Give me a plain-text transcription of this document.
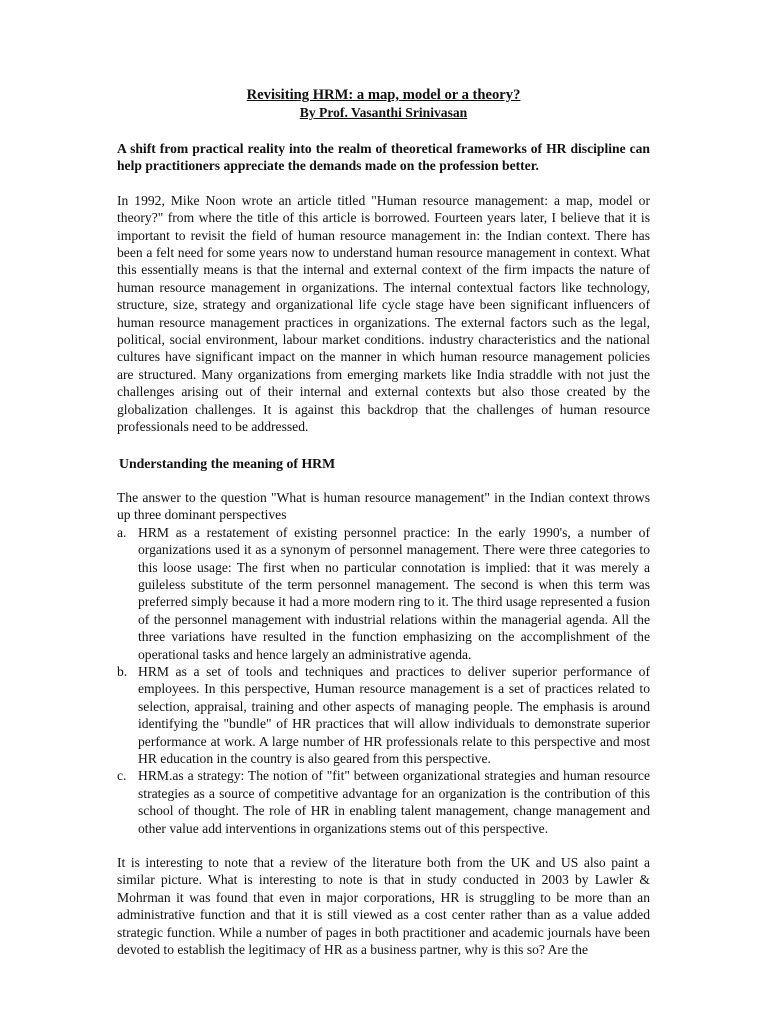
Revisiting HRM: a map, model or a theory?
By Prof. Vasanthi Srinivasan

A shift from practical reality into the realm of theoretical frameworks of HR discipline can help practitioners appreciate the demands made on the profession better.

In 1992, Mike Noon wrote an article titled "Human resource management: a map, model or theory?" from where the title of this article is borrowed. Fourteen years later, I believe that it is important to revisit the field of human resource management in: the Indian context. There has been a felt need for some years now to understand human resource management in context. What this essentially means is that the internal and external context of the firm impacts the nature of human resource management in organizations. The internal contextual factors like technology, structure, size, strategy and organizational life cycle stage have been significant influencers of human resource management practices in organizations. The external factors such as the legal, political, social environment, labour market conditions. industry characteristics and the national cultures have significant impact on the manner in which human resource management policies are structured. Many organizations from emerging markets like India straddle with not just the challenges arising out of their internal and external contexts but also those created by the globalization challenges. It is against this backdrop that the challenges of human resource professionals need to be addressed.

Understanding the meaning of HRM
The answer to the question "What is human resource management" in the Indian context throws up three dominant perspectives
a. HRM as a restatement of existing personnel practice: In the early 1990's, a number of organizations used it as a synonym of personnel management. There were three categories to this loose usage: The first when no particular connotation is implied: that it was merely a guileless substitute of the term personnel management. The second is when this term was preferred simply because it had a more modern ring to it. The third usage represented a fusion of the personnel management with industrial relations within the managerial agenda. All the three variations have resulted in the function emphasizing on the accomplishment of the operational tasks and hence largely an administrative agenda.
b. HRM as a set of tools and techniques and practices to deliver superior performance of employees. In this perspective, Human resource management is a set of practices related to selection, appraisal, training and other aspects of managing people. The emphasis is around identifying the "bundle" of HR practices that will allow individuals to demonstrate superior performance at work. A large number of HR professionals relate to this perspective and most HR education in the country is also geared from this perspective.
c. HRM.as a strategy: The notion of "fit" between organizational strategies and human resource strategies as a source of competitive advantage for an organization is the contribution of this school of thought. The role of HR in enabling talent management, change management and other value add interventions in organizations stems out of this perspective.

It is interesting to note that a review of the literature both from the UK and US also paint a similar picture. What is interesting to note is that in study conducted in 2003 by Lawler & Mohrman it was found that even in major corporations, HR is struggling to be more than an administrative function and that it is still viewed as a cost center rather than as a value added strategic function. While a number of pages in both practitioner and academic journals have been devoted to establish the legitimacy of HR as a business partner, why is this so? Are the
